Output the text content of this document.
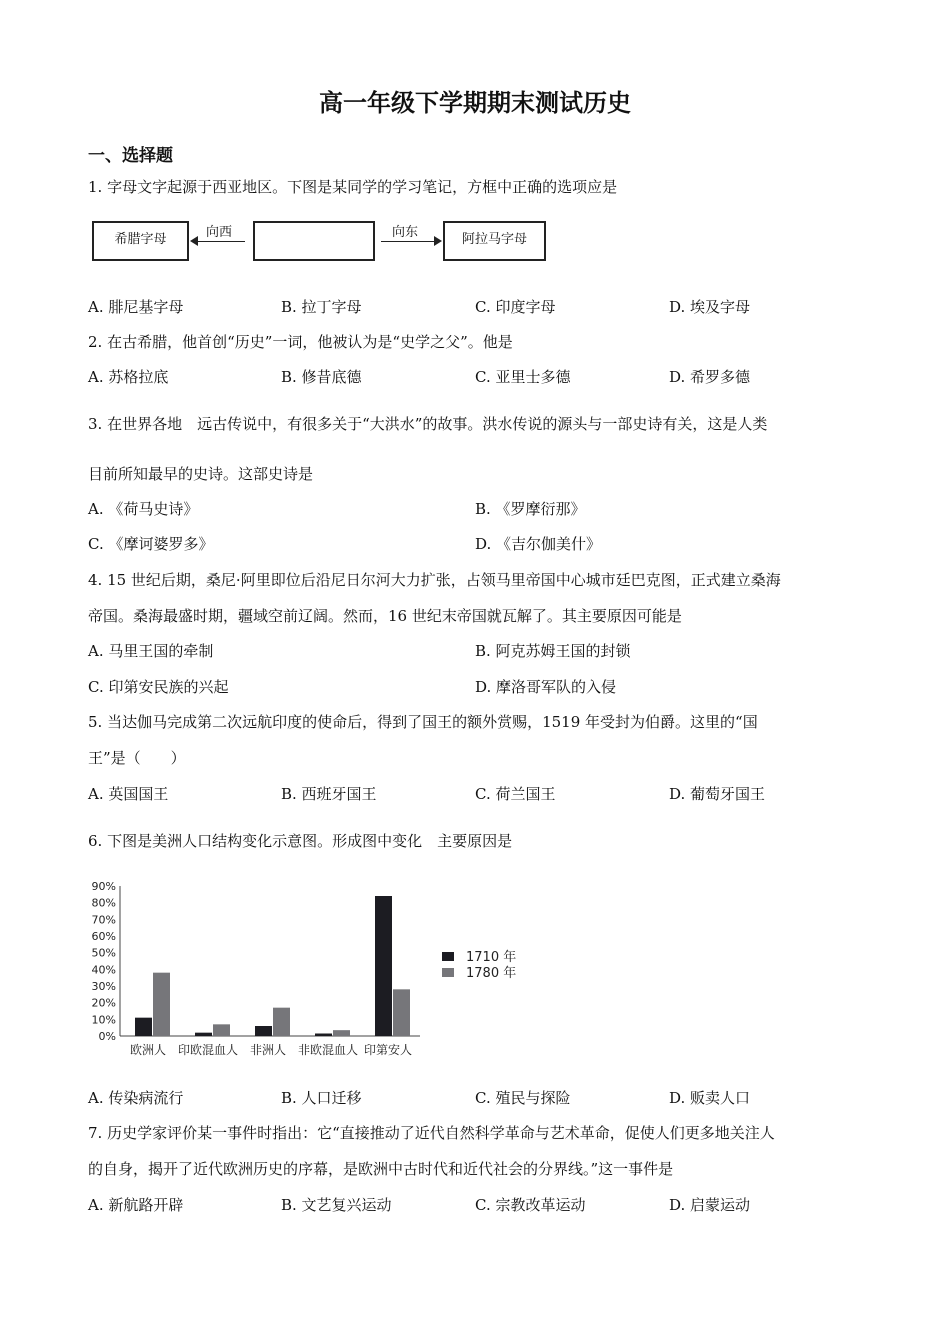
高一年级下学期期末测试历史
一、选择题
1. 字母文字起源于西亚地区。下图是某同学的学习笔记，方框中正确的选项应是
希腊字母	向西	向东	阿拉马字母
A. 腓尼基字母	B. 拉丁字母	C. 印度字母	D. 埃及字母
2. 在古希腊，他首创“历史”一词，他被认为是“史学之父”。他是
A. 苏格拉底	B. 修昔底德	C. 亚里士多德	D. 希罗多德
3. 在世界各地　远古传说中，有很多关于“大洪水”的故事。洪水传说的源头与一部史诗有关，这是人类
目前所知最早的史诗。这部史诗是
A. 《荷马史诗》	B. 《罗摩衍那》
C. 《摩诃婆罗多》	D. 《吉尔伽美什》
4. 15 世纪后期，桑尼·阿里即位后沿尼日尔河大力扩张，占领马里帝国中心城市廷巴克图，正式建立桑海
帝国。桑海最盛时期，疆域空前辽阔。然而，16 世纪末帝国就瓦解了。其主要原因可能是
A. 马里王国的牵制	B. 阿克苏姆王国的封锁
C. 印第安民族的兴起	D. 摩洛哥军队的入侵
5. 当达伽马完成第二次远航印度的使命后，得到了国王的额外赏赐，1519 年受封为伯爵。这里的“国
王”是（　　）
A. 英国国王	B. 西班牙国王	C. 荷兰国王	D. 葡萄牙国王
6. 下图是美洲人口结构变化示意图。形成图中变化　主要原因是
0%
10%
20%
30%
40%
50%
60%
70%
80%
90%
欧洲人 印欧混血人 非洲人 非欧混血人 印第安人
1710 年
1780 年
A. 传染病流行	B. 人口迁移	C. 殖民与探险	D. 贩卖人口
7. 历史学家评价某一事件时指出：它“直接推动了近代自然科学革命与艺术革命，促使人们更多地关注人
的自身，揭开了近代欧洲历史的序幕，是欧洲中古时代和近代社会的分界线。”这一事件是
A. 新航路开辟	B. 文艺复兴运动	C. 宗教改革运动	D. 启蒙运动
